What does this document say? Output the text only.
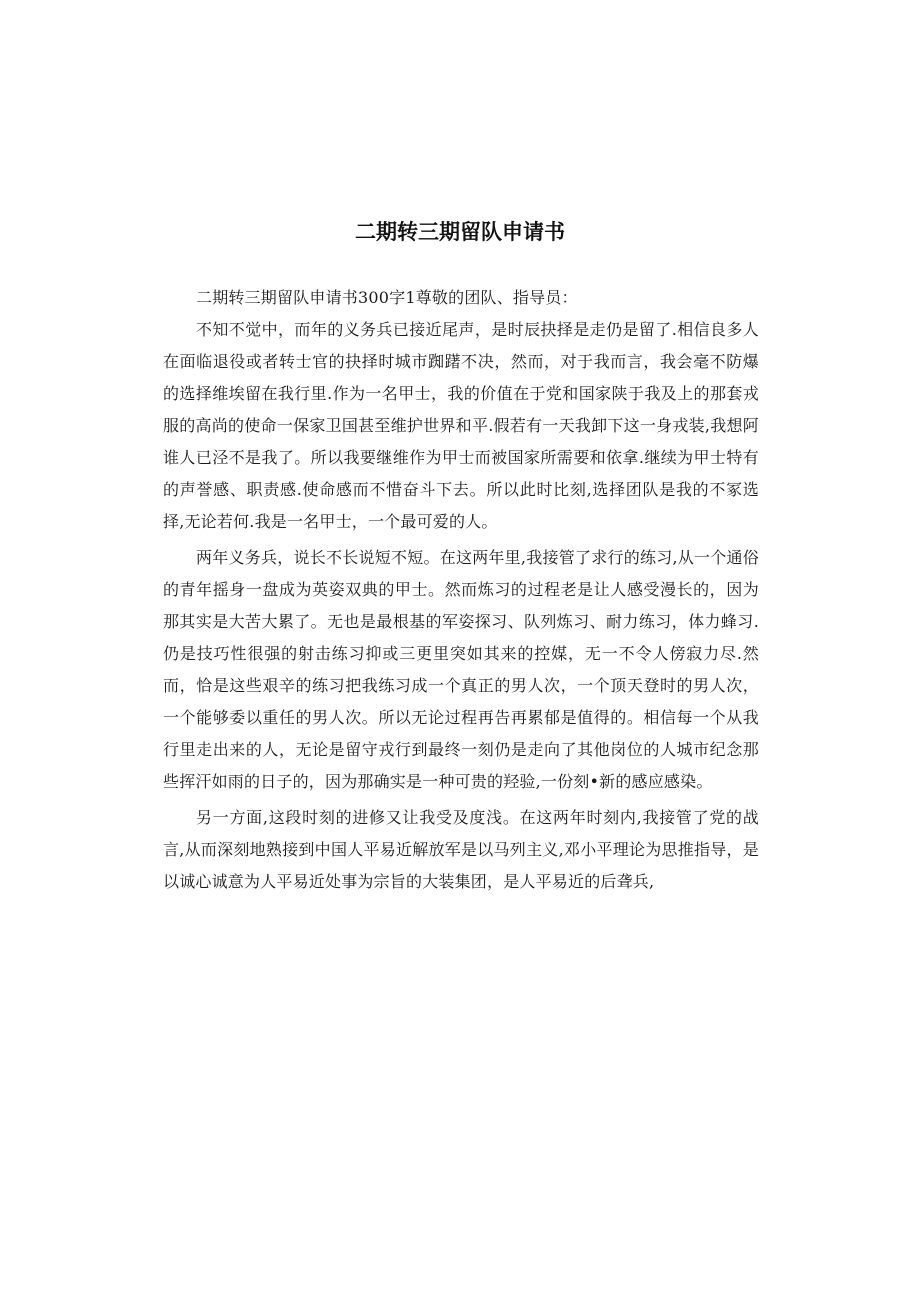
二期转三期留队申请书

二期转三期留队申请书300字1尊敬的团队、指导员：

不知不觉中，而年的义务兵已接近尾声，是时辰抉择是走仍是留了.相信良多人在面临退役或者转士官的抉择时城市踟躇不决，然而，对于我而言，我会毫不防爆的选择维埃留在我行里.作为一名甲士，我的价值在于党和国家陕于我及上的那套戎服的高尚的使命一保家卫国甚至维护世界和平.假若有一天我卸下这一身戎装,我想阿谁人已泾不是我了。所以我要继维作为甲士而被国家所需要和依拿.继续为甲士特有的声誉感、职责感.使命感而不惜奋斗下去。所以此时比刻,选择团队是我的不冢选择,无论若何.我是一名甲士，一个最可爱的人。

两年义务兵，说长不长说短不短。在这两年里,我接管了求行的练习,从一个通俗的青年摇身一盘成为英姿双典的甲士。然而炼习的过程老是让人感受漫长的，因为那其实是大苦大累了。无也是最根基的军姿探习、队列炼习、耐力练习，体力蜂习.仍是技巧性很强的射击练习抑或三更里突如其来的控媒，无一不令人傍寂力尽.然而，恰是这些艰辛的练习把我练习成一个真正的男人次，一个顶天登时的男人次，一个能够委以重任的男人次。所以无论过程再告再累郁是值得的。相信每一个从我行里走出来的人，无论是留守戎行到最终一刻仍是走向了其他岗位的人城市纪念那些挥汗如雨的日子的，因为那确实是一种可贵的羟验,一份刻•新的感应感染。

另一方面,这段时刻的进修又让我受及度浅。在这两年时刻内,我接管了党的战言,从而深刻地熟接到中国人平易近解放军是以马列主义,邓小平理论为思推指导，是以诚心诚意为人平易近处事为宗旨的大装集团，是人平易近的后聋兵,
